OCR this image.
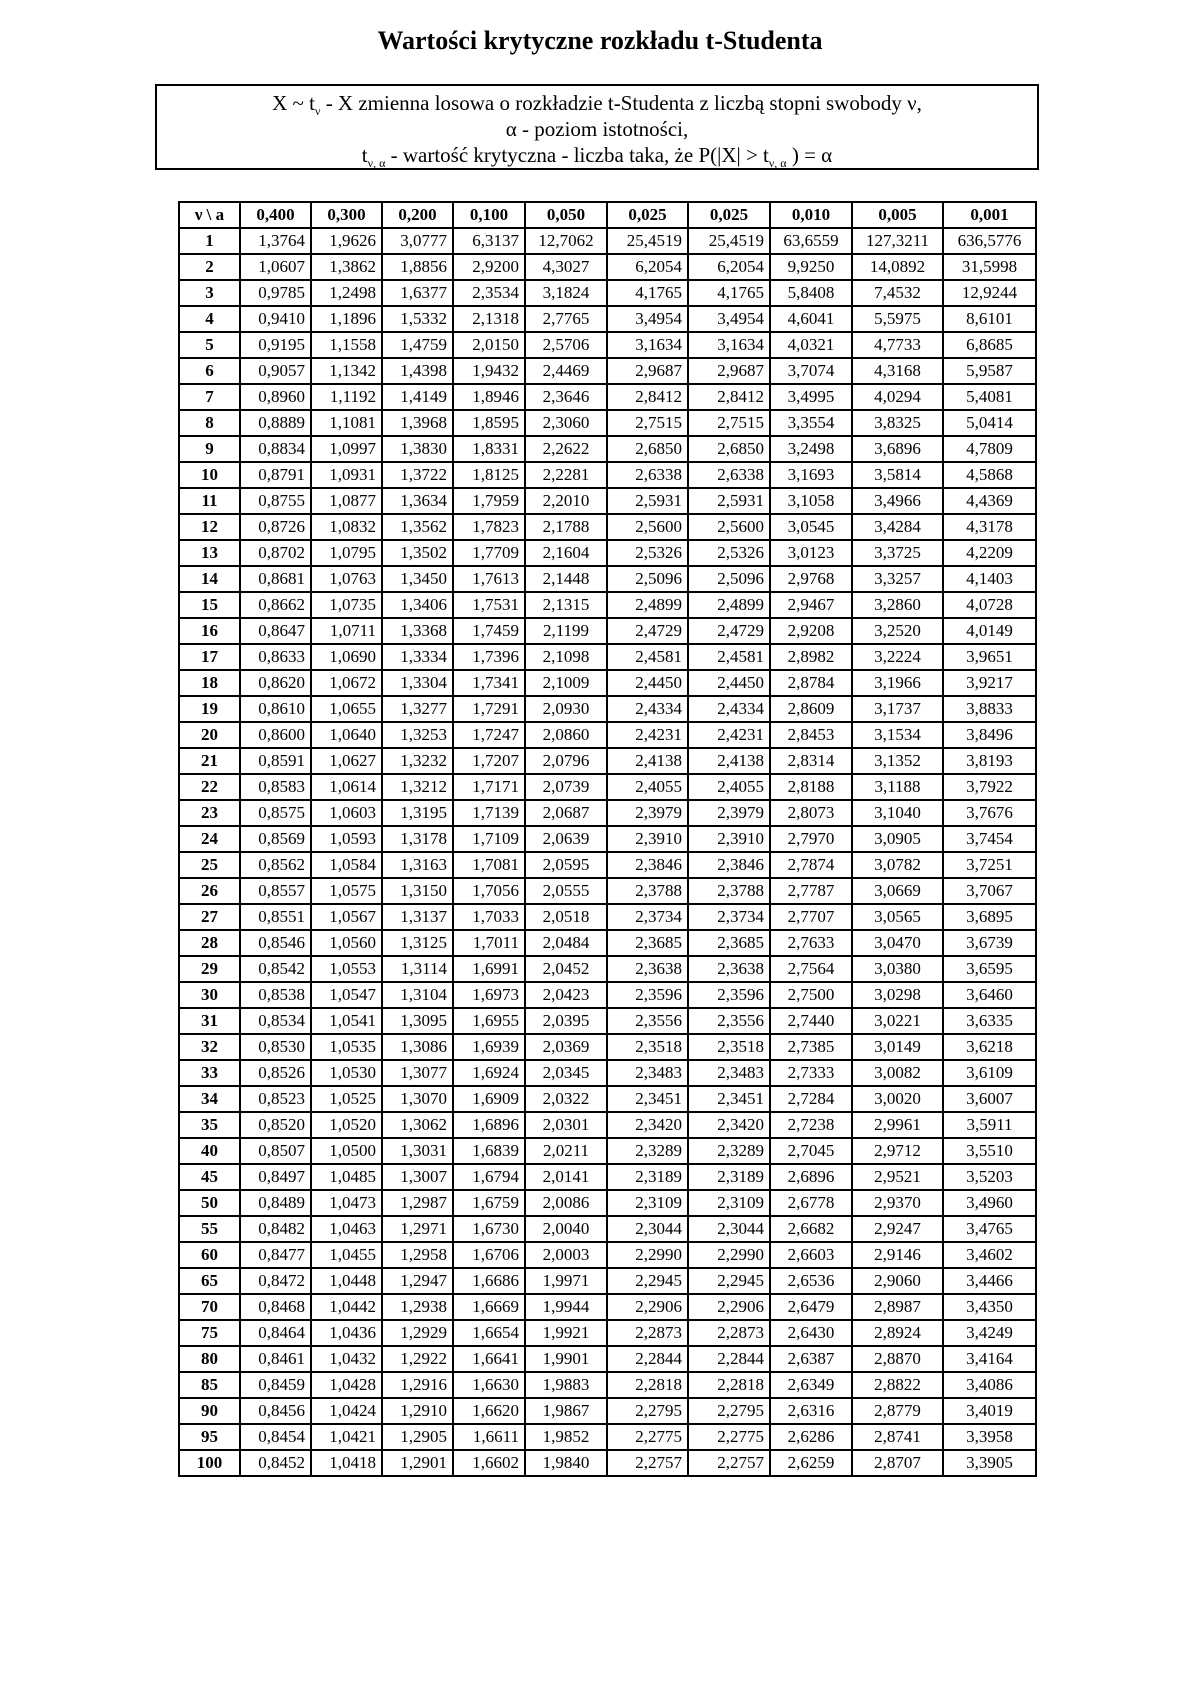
Wartości krytyczne rozkładu t-Studenta
X ~ $t_\nu$ - X zmienna losowa o rozkładzie t-Studenta z liczbą stopni swobody ν,
α - poziom istotności,
$t_{\nu, \alpha}$ - wartość krytyczna - liczba taka, że $P(|X| > t_{\nu, \alpha}$ ) = α
ν \ a	0,400	0,300	0,200	0,100	0,050	0,025	0,025	0,010	0,005	0,001
1	1,3764	1,9626	3,0777	6,3137	12,7062	25,4519	25,4519	63,6559	127,3211	636,5776
2	1,0607	1,3862	1,8856	2,9200	4,3027	6,2054	6,2054	9,9250	14,0892	31,5998
3	0,9785	1,2498	1,6377	2,3534	3,1824	4,1765	4,1765	5,8408	7,4532	12,9244
4	0,9410	1,1896	1,5332	2,1318	2,7765	3,4954	3,4954	4,6041	5,5975	8,6101
5	0,9195	1,1558	1,4759	2,0150	2,5706	3,1634	3,1634	4,0321	4,7733	6,8685
6	0,9057	1,1342	1,4398	1,9432	2,4469	2,9687	2,9687	3,7074	4,3168	5,9587
7	0,8960	1,1192	1,4149	1,8946	2,3646	2,8412	2,8412	3,4995	4,0294	5,4081
8	0,8889	1,1081	1,3968	1,8595	2,3060	2,7515	2,7515	3,3554	3,8325	5,0414
9	0,8834	1,0997	1,3830	1,8331	2,2622	2,6850	2,6850	3,2498	3,6896	4,7809
10	0,8791	1,0931	1,3722	1,8125	2,2281	2,6338	2,6338	3,1693	3,5814	4,5868
11	0,8755	1,0877	1,3634	1,7959	2,2010	2,5931	2,5931	3,1058	3,4966	4,4369
12	0,8726	1,0832	1,3562	1,7823	2,1788	2,5600	2,5600	3,0545	3,4284	4,3178
13	0,8702	1,0795	1,3502	1,7709	2,1604	2,5326	2,5326	3,0123	3,3725	4,2209
14	0,8681	1,0763	1,3450	1,7613	2,1448	2,5096	2,5096	2,9768	3,3257	4,1403
15	0,8662	1,0735	1,3406	1,7531	2,1315	2,4899	2,4899	2,9467	3,2860	4,0728
16	0,8647	1,0711	1,3368	1,7459	2,1199	2,4729	2,4729	2,9208	3,2520	4,0149
17	0,8633	1,0690	1,3334	1,7396	2,1098	2,4581	2,4581	2,8982	3,2224	3,9651
18	0,8620	1,0672	1,3304	1,7341	2,1009	2,4450	2,4450	2,8784	3,1966	3,9217
19	0,8610	1,0655	1,3277	1,7291	2,0930	2,4334	2,4334	2,8609	3,1737	3,8833
20	0,8600	1,0640	1,3253	1,7247	2,0860	2,4231	2,4231	2,8453	3,1534	3,8496
21	0,8591	1,0627	1,3232	1,7207	2,0796	2,4138	2,4138	2,8314	3,1352	3,8193
22	0,8583	1,0614	1,3212	1,7171	2,0739	2,4055	2,4055	2,8188	3,1188	3,7922
23	0,8575	1,0603	1,3195	1,7139	2,0687	2,3979	2,3979	2,8073	3,1040	3,7676
24	0,8569	1,0593	1,3178	1,7109	2,0639	2,3910	2,3910	2,7970	3,0905	3,7454
25	0,8562	1,0584	1,3163	1,7081	2,0595	2,3846	2,3846	2,7874	3,0782	3,7251
26	0,8557	1,0575	1,3150	1,7056	2,0555	2,3788	2,3788	2,7787	3,0669	3,7067
27	0,8551	1,0567	1,3137	1,7033	2,0518	2,3734	2,3734	2,7707	3,0565	3,6895
28	0,8546	1,0560	1,3125	1,7011	2,0484	2,3685	2,3685	2,7633	3,0470	3,6739
29	0,8542	1,0553	1,3114	1,6991	2,0452	2,3638	2,3638	2,7564	3,0380	3,6595
30	0,8538	1,0547	1,3104	1,6973	2,0423	2,3596	2,3596	2,7500	3,0298	3,6460
31	0,8534	1,0541	1,3095	1,6955	2,0395	2,3556	2,3556	2,7440	3,0221	3,6335
32	0,8530	1,0535	1,3086	1,6939	2,0369	2,3518	2,3518	2,7385	3,0149	3,6218
33	0,8526	1,0530	1,3077	1,6924	2,0345	2,3483	2,3483	2,7333	3,0082	3,6109
34	0,8523	1,0525	1,3070	1,6909	2,0322	2,3451	2,3451	2,7284	3,0020	3,6007
35	0,8520	1,0520	1,3062	1,6896	2,0301	2,3420	2,3420	2,7238	2,9961	3,5911
40	0,8507	1,0500	1,3031	1,6839	2,0211	2,3289	2,3289	2,7045	2,9712	3,5510
45	0,8497	1,0485	1,3007	1,6794	2,0141	2,3189	2,3189	2,6896	2,9521	3,5203
50	0,8489	1,0473	1,2987	1,6759	2,0086	2,3109	2,3109	2,6778	2,9370	3,4960
55	0,8482	1,0463	1,2971	1,6730	2,0040	2,3044	2,3044	2,6682	2,9247	3,4765
60	0,8477	1,0455	1,2958	1,6706	2,0003	2,2990	2,2990	2,6603	2,9146	3,4602
65	0,8472	1,0448	1,2947	1,6686	1,9971	2,2945	2,2945	2,6536	2,9060	3,4466
70	0,8468	1,0442	1,2938	1,6669	1,9944	2,2906	2,2906	2,6479	2,8987	3,4350
75	0,8464	1,0436	1,2929	1,6654	1,9921	2,2873	2,2873	2,6430	2,8924	3,4249
80	0,8461	1,0432	1,2922	1,6641	1,9901	2,2844	2,2844	2,6387	2,8870	3,4164
85	0,8459	1,0428	1,2916	1,6630	1,9883	2,2818	2,2818	2,6349	2,8822	3,4086
90	0,8456	1,0424	1,2910	1,6620	1,9867	2,2795	2,2795	2,6316	2,8779	3,4019
95	0,8454	1,0421	1,2905	1,6611	1,9852	2,2775	2,2775	2,6286	2,8741	3,3958
100	0,8452	1,0418	1,2901	1,6602	1,9840	2,2757	2,2757	2,6259	2,8707	3,3905
